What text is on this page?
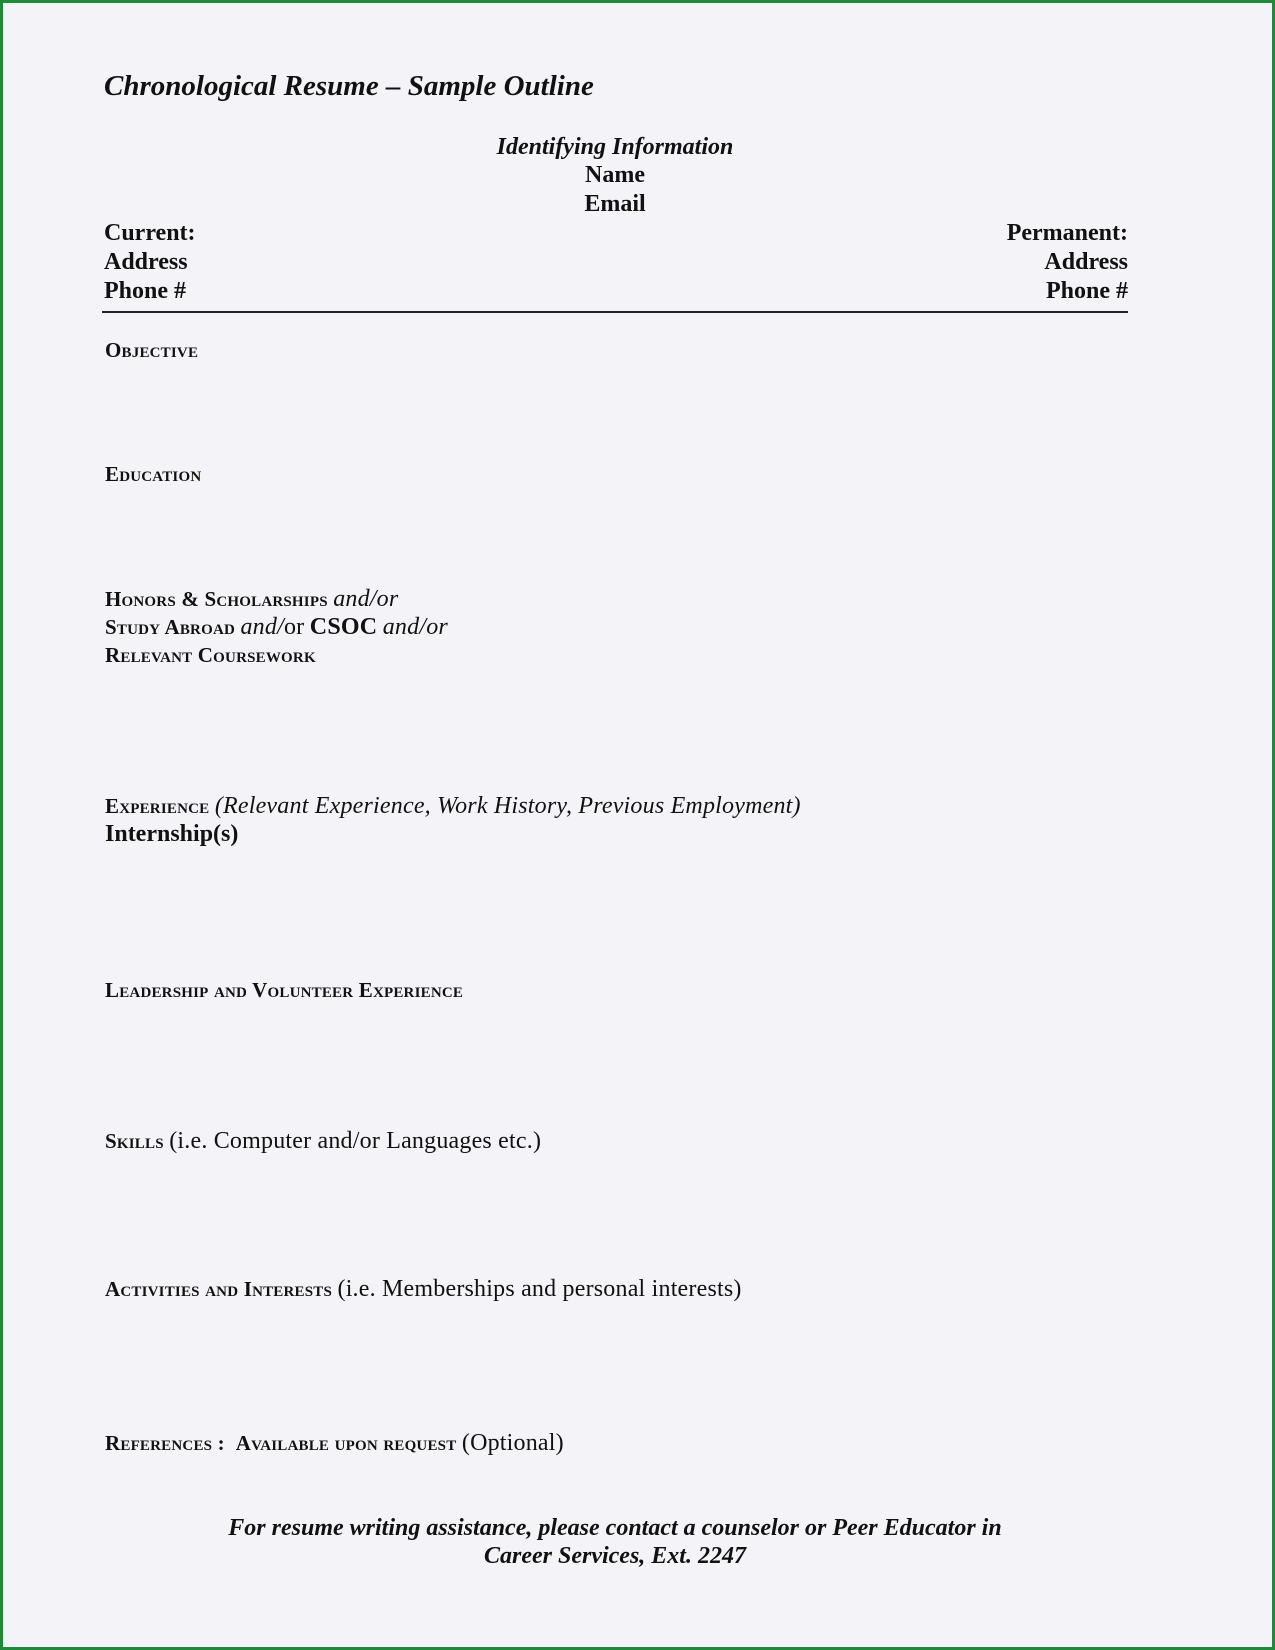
Chronological Resume – Sample Outline
Identifying Information
Name
Email
Current:
Address
Phone #
Permanent:
Address
Phone #
Objective
Education
Honors & Scholarships and/or
Study Abroad and/or CSOC and/or
Relevant Coursework
Experience (Relevant Experience, Work History, Previous Employment)
Internship(s)
Leadership and Volunteer Experience
Skills (i.e. Computer and/or Languages etc.)
Activities and Interests (i.e. Memberships and personal interests)
References : Available upon request (Optional)
For resume writing assistance, please contact a counselor or Peer Educator in
Career Services, Ext. 2247
